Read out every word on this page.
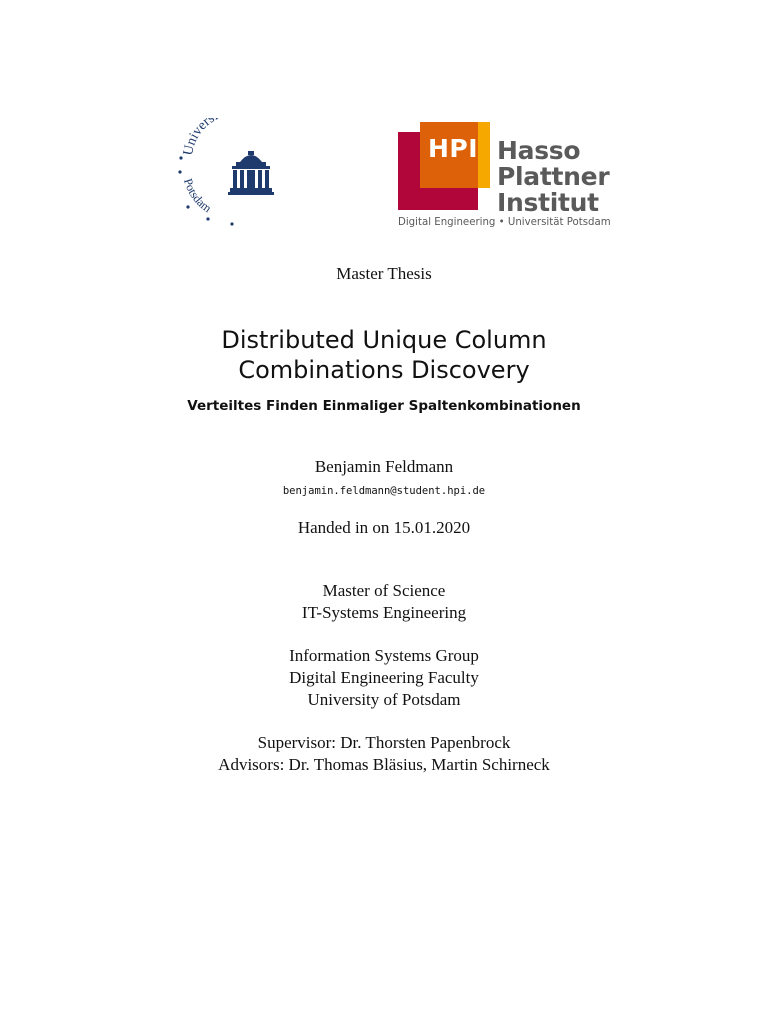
Univers
Potsdam
HPI Hasso
Plattner
Institut
Digital Engineering • Universität Potsdam
Master Thesis
Distributed Unique Column
Combinations Discovery
Verteiltes Finden Einmaliger Spaltenkombinationen
Benjamin Feldmann
benjamin.feldmann@student.hpi.de
Handed in on 15.01.2020
Master of Science
IT-Systems Engineering
Information Systems Group
Digital Engineering Faculty
University of Potsdam
Supervisor: Dr. Thorsten Papenbrock
Advisors: Dr. Thomas Bläsius, Martin Schirneck
